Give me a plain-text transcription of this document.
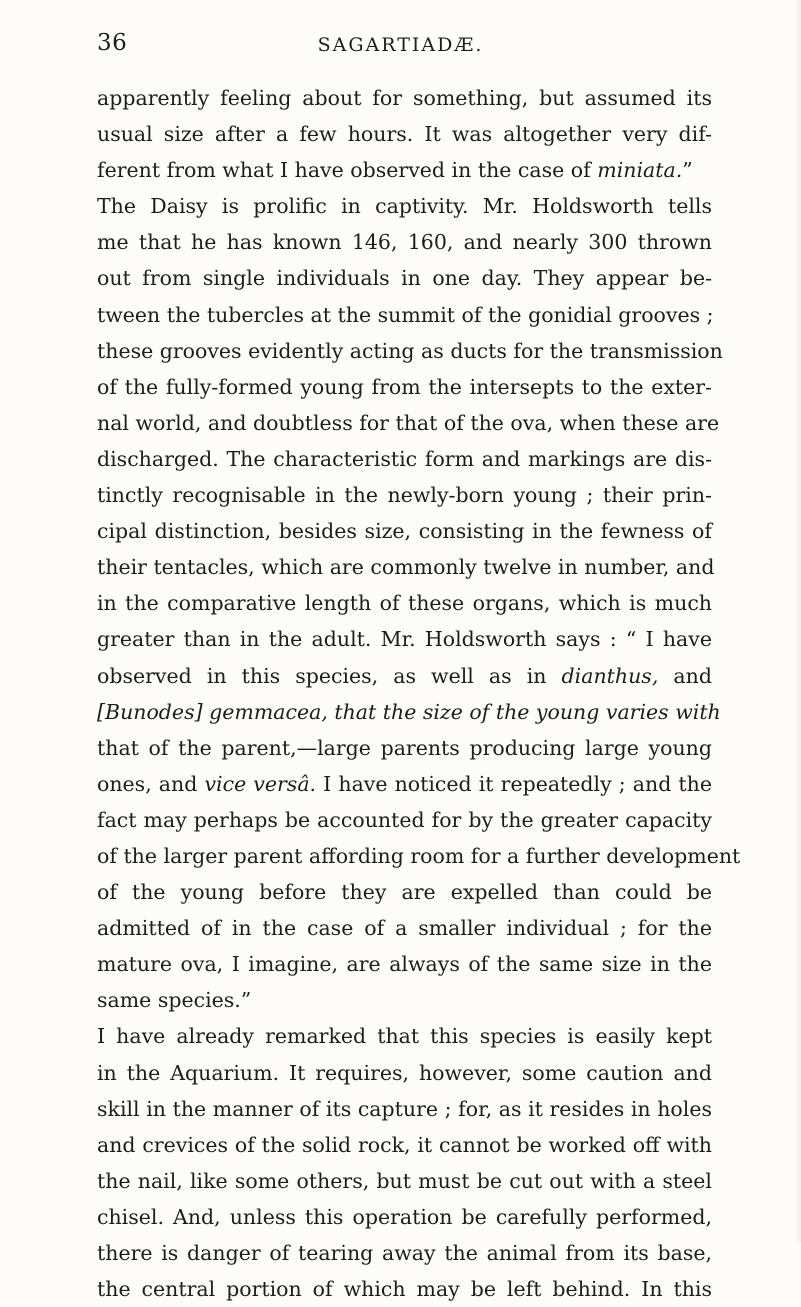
36	SAGARTIADÆ.
apparently feeling about for something, but assumed its
usual size after a few hours. It was altogether very dif-
ferent from what I have observed in the case of miniata.”
The Daisy is prolific in captivity. Mr. Holdsworth tells
me that he has known 146, 160, and nearly 300 thrown
out from single individuals in one day. They appear be-
tween the tubercles at the summit of the gonidial grooves ;
these grooves evidently acting as ducts for the transmission
of the fully-formed young from the intersepts to the exter-
nal world, and doubtless for that of the ova, when these are
discharged. The characteristic form and markings are dis-
tinctly recognisable in the newly-born young ; their prin-
cipal distinction, besides size, consisting in the fewness of
their tentacles, which are commonly twelve in number, and
in the comparative length of these organs, which is much
greater than in the adult. Mr. Holdsworth says : “ I have
observed in this species, as well as in dianthus, and
[Bunodes] gemmacea, that the size of the young varies with
that of the parent,—large parents producing large young
ones, and vice versâ. I have noticed it repeatedly ; and the
fact may perhaps be accounted for by the greater capacity
of the larger parent affording room for a further development
of the young before they are expelled than could be
admitted of in the case of a smaller individual ; for the
mature ova, I imagine, are always of the same size in the
same species.”
I have already remarked that this species is easily kept
in the Aquarium. It requires, however, some caution and
skill in the manner of its capture ; for, as it resides in holes
and crevices of the solid rock, it cannot be worked off with
the nail, like some others, but must be cut out with a steel
chisel. And, unless this operation be carefully performed,
there is danger of tearing away the animal from its base,
the central portion of which may be left behind. In this
